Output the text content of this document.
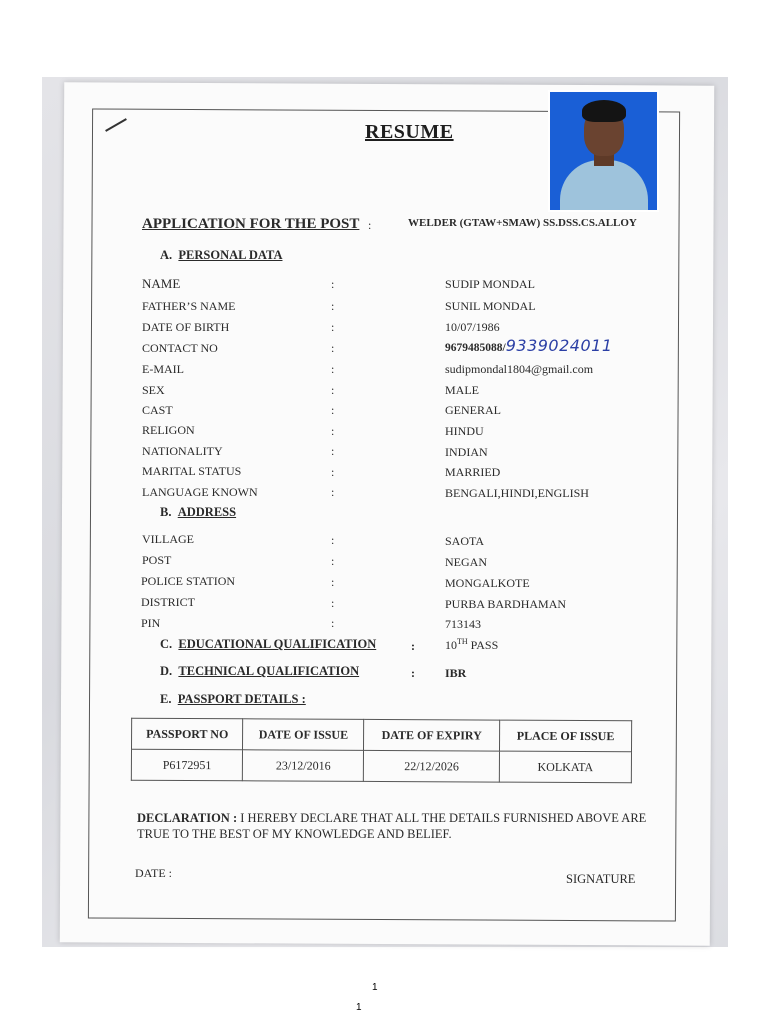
RESUME
APPLICATION FOR THE POST :	WELDER (GTAW+SMAW) SS.DSS.CS.ALLOY
A. PERSONAL DATA
NAME	:	SUDIP MONDAL
FATHER’S NAME	:	SUNIL MONDAL
DATE OF BIRTH	:	10/07/1986
CONTACT NO	:	9679485088/9339024011
E-MAIL	:	sudipmondal1804@gmail.com
SEX	:	MALE
CAST	:	GENERAL
RELIGON	:	HINDU
NATIONALITY	:	INDIAN
MARITAL STATUS	:	MARRIED
LANGUAGE KNOWN	:	BENGALI,HINDI,ENGLISH
B. ADDRESS
VILLAGE	:	SAOTA
POST	:	NEGAN
POLICE STATION	:	MONGALKOTE
DISTRICT	:	PURBA BARDHAMAN
PIN	:	713143
C. EDUCATIONAL QUALIFICATION	:	10TH PASS
D. TECHNICAL QUALIFICATION	:	IBR
E. PASSPORT DETAILS :
PASSPORT NO	DATE OF ISSUE	DATE OF EXPIRY	PLACE OF ISSUE
P6172951	23/12/2016	22/12/2026	KOLKATA
DECLARATION : I HEREBY DECLARE THAT ALL THE DETAILS FURNISHED ABOVE ARE TRUE TO THE BEST OF MY KNOWLEDGE AND BELIEF.
DATE :	SIGNATURE
1
1
